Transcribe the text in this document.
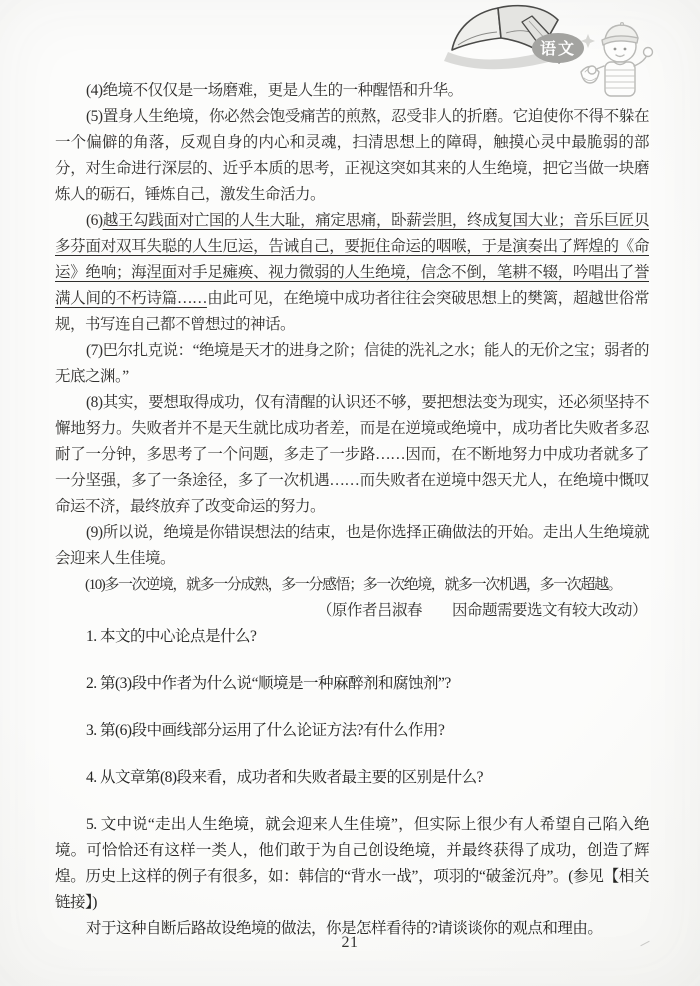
语文

(4)绝境不仅仅是一场磨难，更是人生的一种醒悟和升华。

(5)置身人生绝境，你必然会饱受痛苦的煎熬，忍受非人的折磨。它迫使你不得不躲在一个偏僻的角落，反观自身的内心和灵魂，扫清思想上的障碍，触摸心灵中最脆弱的部分，对生命进行深层的、近乎本质的思考，正视这突如其来的人生绝境，把它当做一块磨炼人的砺石，锤炼自己，激发生命活力。

(6)越王勾践面对亡国的人生大耻，痛定思痛，卧薪尝胆，终成复国大业；音乐巨匠贝多芬面对双耳失聪的人生厄运，告诫自己，要扼住命运的咽喉，于是演奏出了辉煌的《命运》绝响；海涅面对手足瘫痪、视力微弱的人生绝境，信念不倒，笔耕不辍，吟唱出了誉满人间的不朽诗篇……由此可见，在绝境中成功者往往会突破思想上的樊篱，超越世俗常规，书写连自己都不曾想过的神话。

(7)巴尔扎克说：“绝境是天才的进身之阶；信徒的洗礼之水；能人的无价之宝；弱者的无底之渊。”

(8)其实，要想取得成功，仅有清醒的认识还不够，要把想法变为现实，还必须坚持不懈地努力。失败者并不是天生就比成功者差，而是在逆境或绝境中，成功者比失败者多忍耐了一分钟，多思考了一个问题，多走了一步路……因而，在不断地努力中成功者就多了一分坚强，多了一条途径，多了一次机遇……而失败者在逆境中怨天尤人，在绝境中慨叹命运不济，最终放弃了改变命运的努力。

(9)所以说，绝境是你错误想法的结束，也是你选择正确做法的开始。走出人生绝境就会迎来人生佳境。

(10)多一次逆境，就多一分成熟，多一分感悟；多一次绝境，就多一次机遇，多一次超越。

（原作者吕淑春　　因命题需要选文有较大改动）

1. 本文的中心论点是什么?

2. 第(3)段中作者为什么说“顺境是一种麻醉剂和腐蚀剂”?

3. 第(6)段中画线部分运用了什么论证方法?有什么作用?

4. 从文章第(8)段来看，成功者和失败者最主要的区别是什么?

5. 文中说“走出人生绝境，就会迎来人生佳境”，但实际上很少有人希望自己陷入绝境。可恰恰还有这样一类人，他们敢于为自己创设绝境，并最终获得了成功，创造了辉煌。历史上这样的例子有很多，如：韩信的“背水一战”，项羽的“破釜沉舟”。(参见【相关链接】)

对于这种自断后路故设绝境的做法，你是怎样看待的?请谈谈你的观点和理由。

21
